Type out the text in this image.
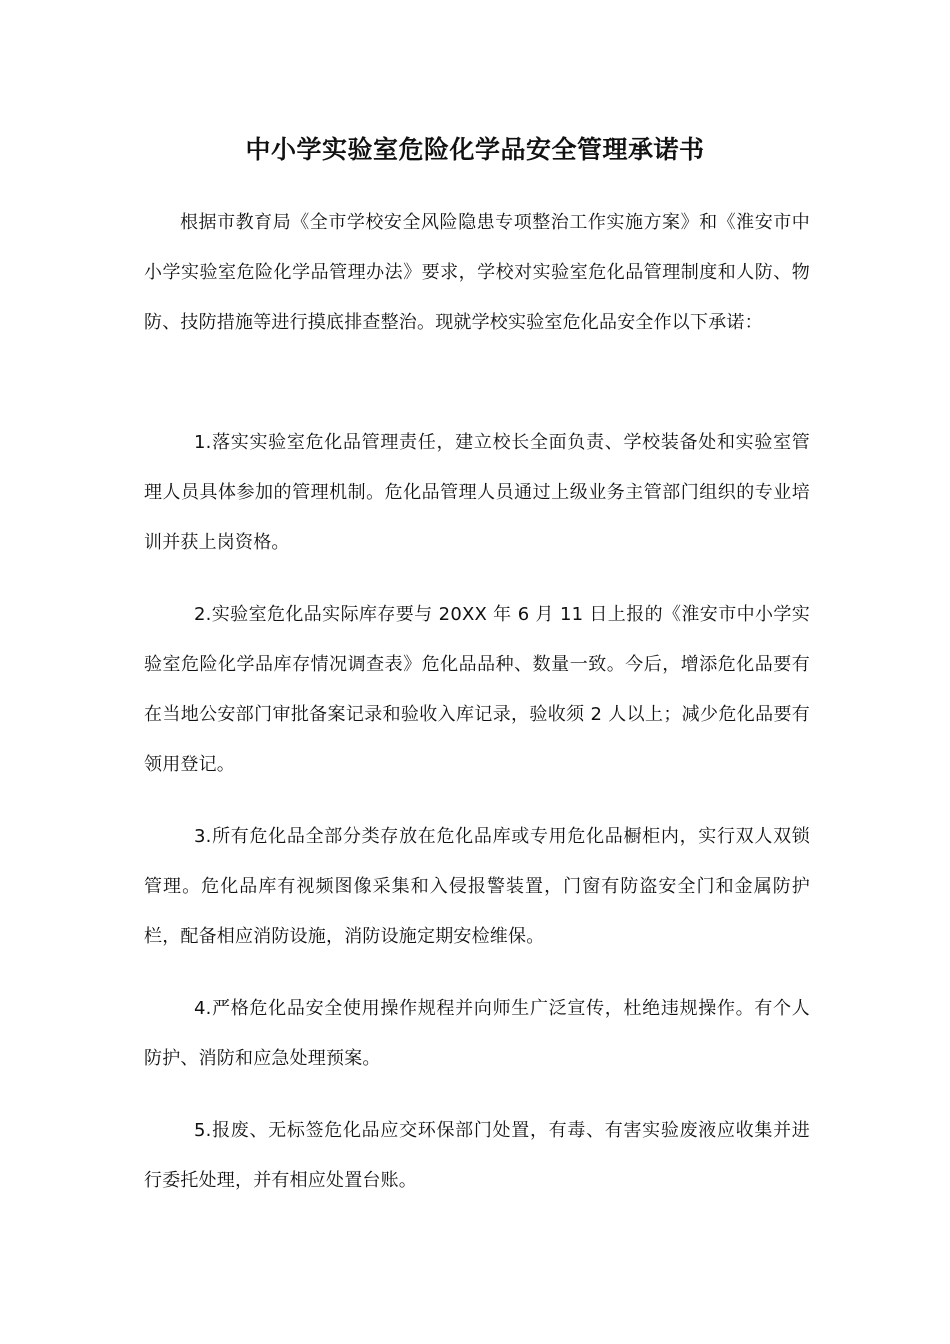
中小学实验室危险化学品安全管理承诺书

根据市教育局《全市学校安全风险隐患专项整治工作实施方案》和《淮安市中小学实验室危险化学品管理办法》要求，学校对实验室危化品管理制度和人防、物防、技防措施等进行摸底排查整治。现就学校实验室危化品安全作以下承诺：

1.落实实验室危化品管理责任，建立校长全面负责、学校装备处和实验室管理人员具体参加的管理机制。危化品管理人员通过上级业务主管部门组织的专业培训并获上岗资格。

2.实验室危化品实际库存要与 20XX 年 6 月 11 日上报的《淮安市中小学实验室危险化学品库存情况调查表》危化品品种、数量一致。今后，增添危化品要有在当地公安部门审批备案记录和验收入库记录，验收须 2 人以上；减少危化品要有领用登记。

3.所有危化品全部分类存放在危化品库或专用危化品橱柜内，实行双人双锁管理。危化品库有视频图像采集和入侵报警装置，门窗有防盗安全门和金属防护栏，配备相应消防设施，消防设施定期安检维保。

4.严格危化品安全使用操作规程并向师生广泛宣传，杜绝违规操作。有个人防护、消防和应急处理预案。

5.报废、无标签危化品应交环保部门处置，有毒、有害实验废液应收集并进行委托处理，并有相应处置台账。
